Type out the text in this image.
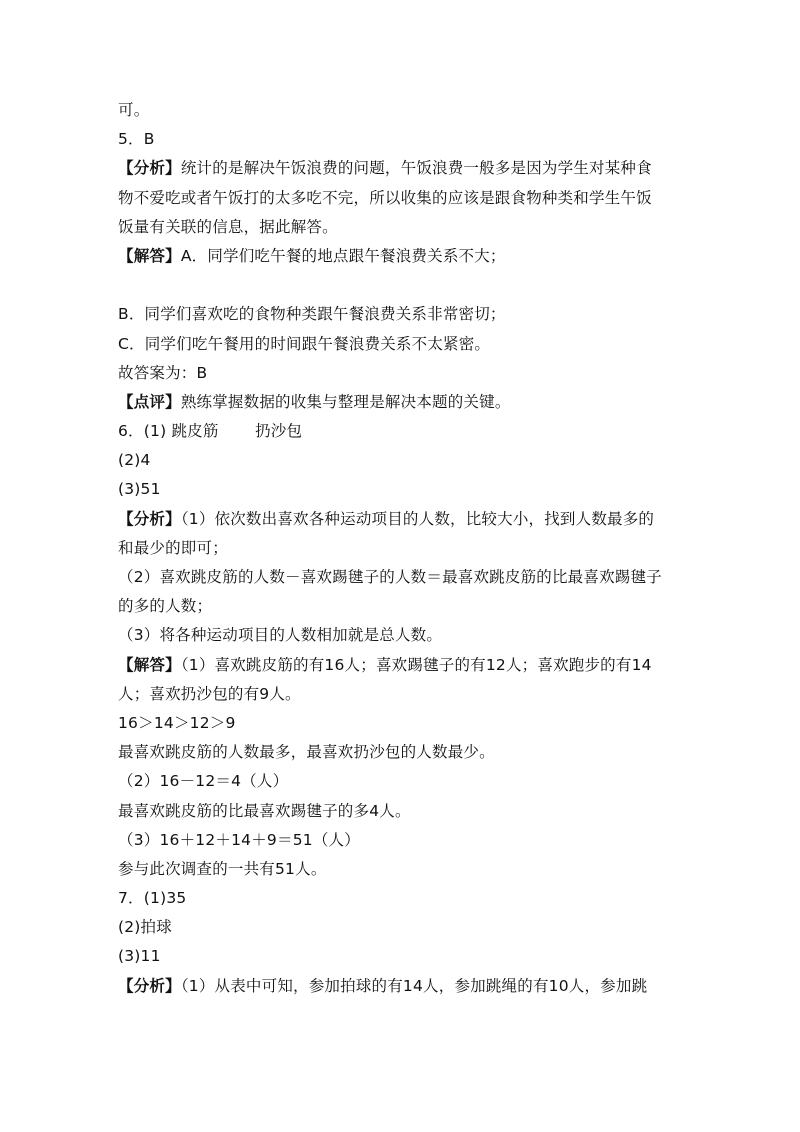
可。
5．B
【分析】统计的是解决午饭浪费的问题，午饭浪费一般多是因为学生对某种食
物不爱吃或者午饭打的太多吃不完，所以收集的应该是跟食物种类和学生午饭
饭量有关联的信息，据此解答。
【解答】A．同学们吃午餐的地点跟午餐浪费关系不大；
B．同学们喜欢吃的食物种类跟午餐浪费关系非常密切；
C．同学们吃午餐用的时间跟午餐浪费关系不太紧密。
故答案为：B
【点评】熟练掌握数据的收集与整理是解决本题的关键。
6．(1) 跳皮筋　　 扔沙包
(2)4
(3)51
【分析】（1）依次数出喜欢各种运动项目的人数，比较大小，找到人数最多的
和最少的即可；
（2）喜欢跳皮筋的人数－喜欢踢毽子的人数＝最喜欢跳皮筋的比最喜欢踢毽子
的多的人数；
（3）将各种运动项目的人数相加就是总人数。
【解答】（1）喜欢跳皮筋的有16人；喜欢踢毽子的有12人；喜欢跑步的有14
人；喜欢扔沙包的有9人。
16＞14＞12＞9
最喜欢跳皮筋的人数最多，最喜欢扔沙包的人数最少。
（2）16－12＝4（人）
最喜欢跳皮筋的比最喜欢踢毽子的多4人。
（3）16＋12＋14＋9＝51（人）
参与此次调查的一共有51人。
7．(1)35
(2)拍球
(3)11
【分析】（1）从表中可知，参加拍球的有14人，参加跳绳的有10人，参加跳
